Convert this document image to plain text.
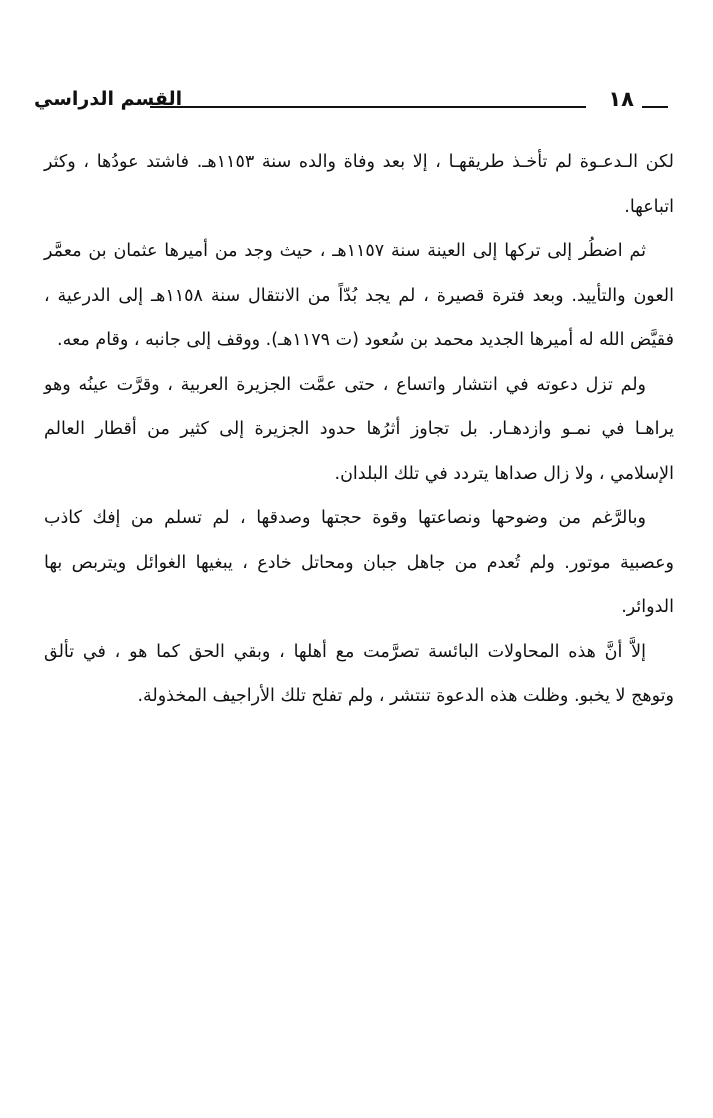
القسم الدراسي	١٨

لكن الـدعـوة لم تأخـذ طريقهـا ، إلا بعد وفاة والده سنة ١١٥٣هـ. فاشتد عودُها ، وكثر اتباعها.

ثم اضطُر إلى تركها إلى العينة سنة ١١٥٧هـ ، حيث وجد من أميرها عثمان بن معمَّر العون والتأييد. وبعد فترة قصيرة ، لم يجد بُدّاً من الانتقال سنة ١١٥٨هـ إلى الدرعية ، فقيَّض الله له أميرها الجديد محمد بن سُعود (ت ١١٧٩هـ). ووقف إلى جانبه ، وقام معه.

ولم تزل دعوته في انتشار واتساع ، حتى عمَّت الجزيرة العربية ، وقرَّت عينُه وهو يراهـا في نمـو وازدهـار. بل تجاوز أثرُها حدود الجزيرة إلى كثير من أقطار العالم الإسلامي ، ولا زال صداها يتردد في تلك البلدان.

وبالرَّغم من وضوحها ونصاعتها وقوة حجتها وصدقها ، لم تسلم من إفك كاذب وعصبية موتور. ولم تُعدم من جاهل جبان ومحاتل خادع ، يبغيها الغوائل ويتربص بها الدوائر.

إلاَّ أنَّ هذه المحاولات البائسة تصرَّمت مع أهلها ، وبقي الحق كما هو ، في تألق وتوهج لا يخبو. وظلت هذه الدعوة تنتشر ، ولم تفلح تلك الأراجيف المخذولة.
